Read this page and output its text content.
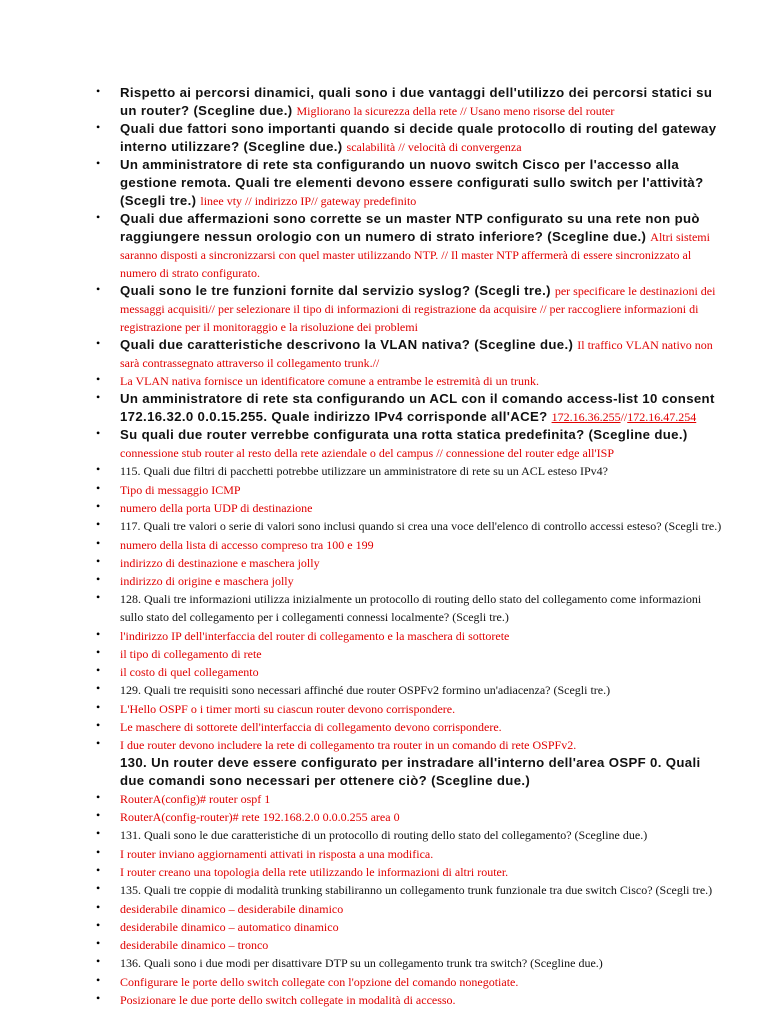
• Rispetto ai percorsi dinamici, quali sono i due vantaggi dell'utilizzo dei percorsi statici su un router? (Scegline due.) Migliorano la sicurezza della rete // Usano meno risorse del router
• Quali due fattori sono importanti quando si decide quale protocollo di routing del gateway interno utilizzare? (Scegline due.) scalabilità // velocità di convergenza
• Un amministratore di rete sta configurando un nuovo switch Cisco per l'accesso alla gestione remota. Quali tre elementi devono essere configurati sullo switch per l'attività? (Scegli tre.) linee vty // indirizzo IP// gateway predefinito
• Quali due affermazioni sono corrette se un master NTP configurato su una rete non può raggiungere nessun orologio con un numero di strato inferiore? (Scegline due.) Altri sistemi saranno disposti a sincronizzarsi con quel master utilizzando NTP. // Il master NTP affermerà di essere sincronizzato al numero di strato configurato.
• Quali sono le tre funzioni fornite dal servizio syslog? (Scegli tre.) per specificare le destinazioni dei messaggi acquisiti// per selezionare il tipo di informazioni di registrazione da acquisire // per raccogliere informazioni di registrazione per il monitoraggio e la risoluzione dei problemi
• Quali due caratteristiche descrivono la VLAN nativa? (Scegline due.) Il traffico VLAN nativo non sarà contrassegnato attraverso il collegamento trunk.//
• La VLAN nativa fornisce un identificatore comune a entrambe le estremità di un trunk.
• Un amministratore di rete sta configurando un ACL con il comando access-list 10 consent 172.16.32.0 0.0.15.255. Quale indirizzo IPv4 corrisponde all'ACE? 172.16.36.255//172.16.47.254
• Su quali due router verrebbe configurata una rotta statica predefinita? (Scegline due.) connessione stub router al resto della rete aziendale o del campus // connessione del router edge all'ISP
• 115. Quali due filtri di pacchetti potrebbe utilizzare un amministratore di rete su un ACL esteso IPv4?
• Tipo di messaggio ICMP
• numero della porta UDP di destinazione
• 117. Quali tre valori o serie di valori sono inclusi quando si crea una voce dell'elenco di controllo accessi esteso? (Scegli tre.)
• numero della lista di accesso compreso tra 100 e 199
• indirizzo di destinazione e maschera jolly
• indirizzo di origine e maschera jolly
• 128. Quali tre informazioni utilizza inizialmente un protocollo di routing dello stato del collegamento come informazioni sullo stato del collegamento per i collegamenti connessi localmente? (Scegli tre.)
• l'indirizzo IP dell'interfaccia del router di collegamento e la maschera di sottorete
• il tipo di collegamento di rete
• il costo di quel collegamento
• 129. Quali tre requisiti sono necessari affinché due router OSPFv2 formino un'adiacenza? (Scegli tre.)
• L'Hello OSPF o i timer morti su ciascun router devono corrispondere.
• Le maschere di sottorete dell'interfaccia di collegamento devono corrispondere.
• I due router devono includere la rete di collegamento tra router in un comando di rete OSPFv2.
130. Un router deve essere configurato per instradare all'interno dell'area OSPF 0. Quali due comandi sono necessari per ottenere ciò? (Scegline due.)
• RouterA(config)# router ospf 1
• RouterA(config-router)# rete 192.168.2.0 0.0.0.255 area 0
• 131. Quali sono le due caratteristiche di un protocollo di routing dello stato del collegamento? (Scegline due.)
• I router inviano aggiornamenti attivati in risposta a una modifica.
• I router creano una topologia della rete utilizzando le informazioni di altri router.
• 135. Quali tre coppie di modalità trunking stabiliranno un collegamento trunk funzionale tra due switch Cisco? (Scegli tre.)
• desiderabile dinamico – desiderabile dinamico
• desiderabile dinamico – automatico dinamico
• desiderabile dinamico – tronco
• 136. Quali sono i due modi per disattivare DTP su un collegamento trunk tra switch? (Scegline due.)
• Configurare le porte dello switch collegate con l'opzione del comando nonegotiate.
• Posizionare le due porte dello switch collegate in modalità di accesso.
